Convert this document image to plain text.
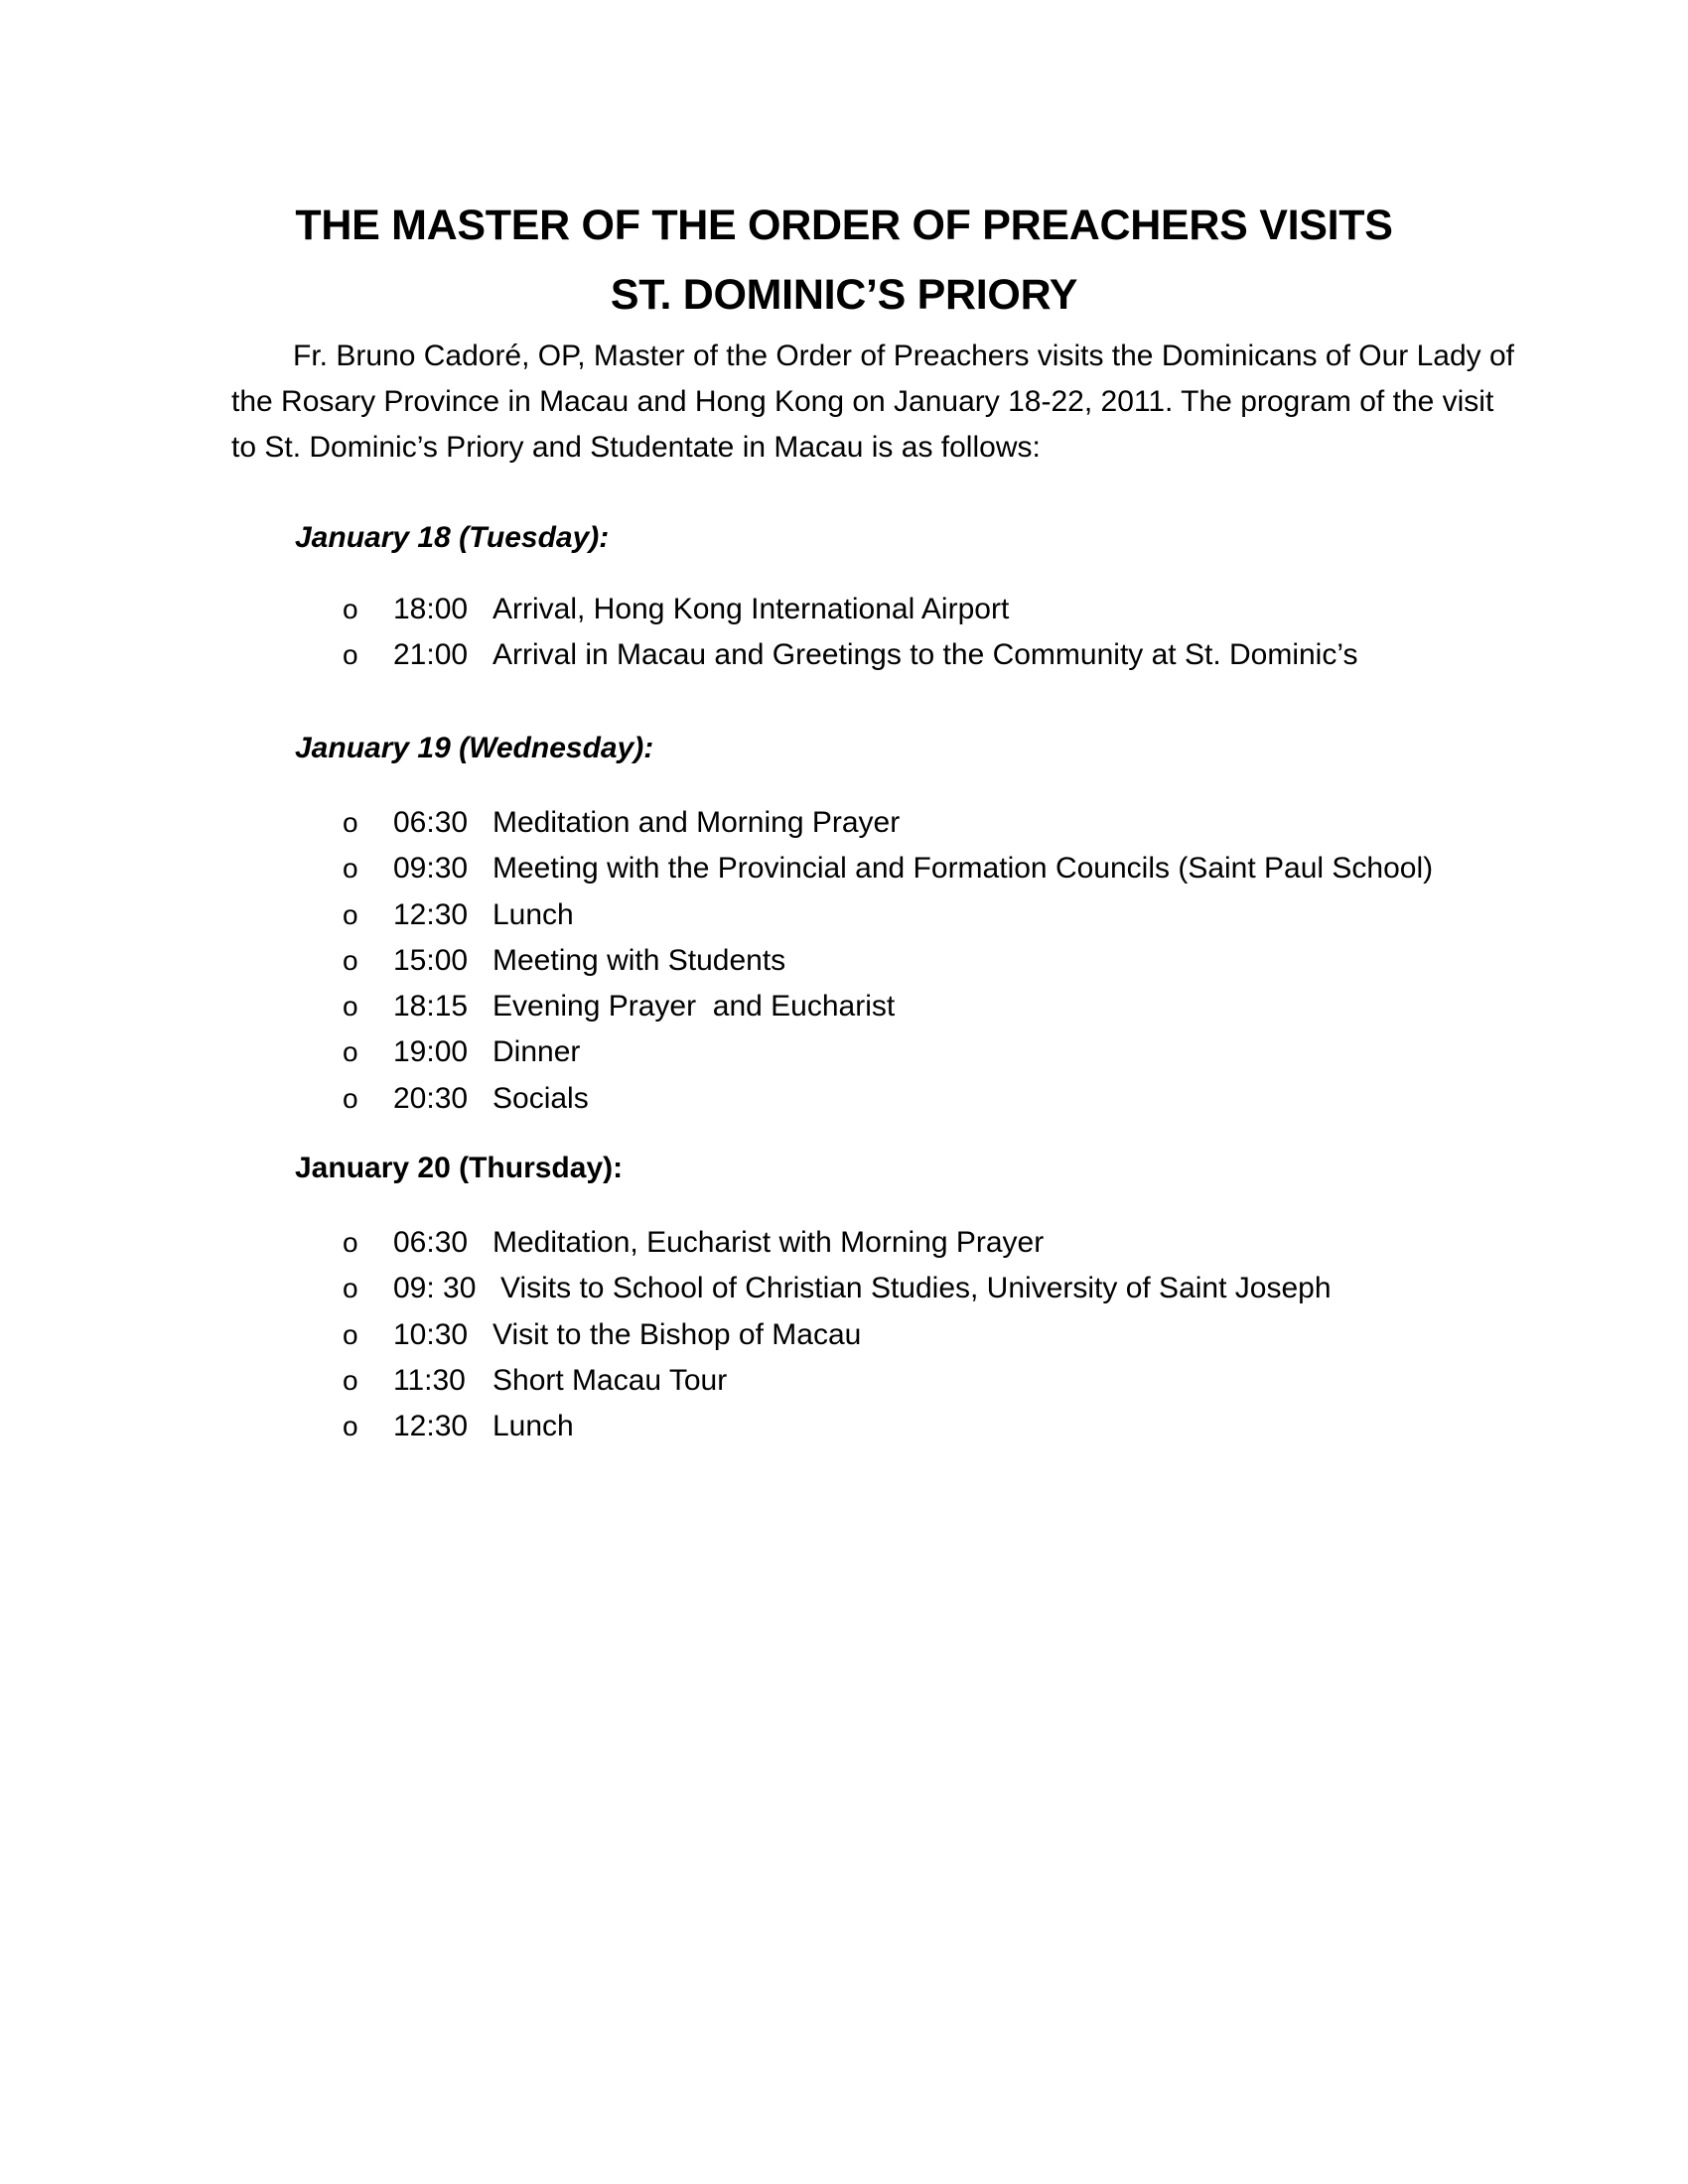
THE MASTER OF THE ORDER OF PREACHERS VISITS
ST. DOMINIC’S PRIORY
Fr. Bruno Cadoré, OP, Master of the Order of Preachers visits the Dominicans of Our Lady of the Rosary Province in Macau and Hong Kong on January 18-22, 2011. The program of the visit to St. Dominic’s Priory and Studentate in Macau is as follows:
January 18 (Tuesday):
o 18:00 Arrival, Hong Kong International Airport
o 21:00 Arrival in Macau and Greetings to the Community at St. Dominic’s
January 19 (Wednesday):
o 06:30 Meditation and Morning Prayer
o 09:30 Meeting with the Provincial and Formation Councils (Saint Paul School)
o 12:30 Lunch
o 15:00 Meeting with Students
o 18:15 Evening Prayer  and Eucharist
o 19:00 Dinner
o 20:30 Socials
January 20 (Thursday):
o 06:30 Meditation, Eucharist with Morning Prayer
o 09: 30 Visits to School of Christian Studies, University of Saint Joseph
o 10:30 Visit to the Bishop of Macau
o 11:30 Short Macau Tour
o 12:30 Lunch
